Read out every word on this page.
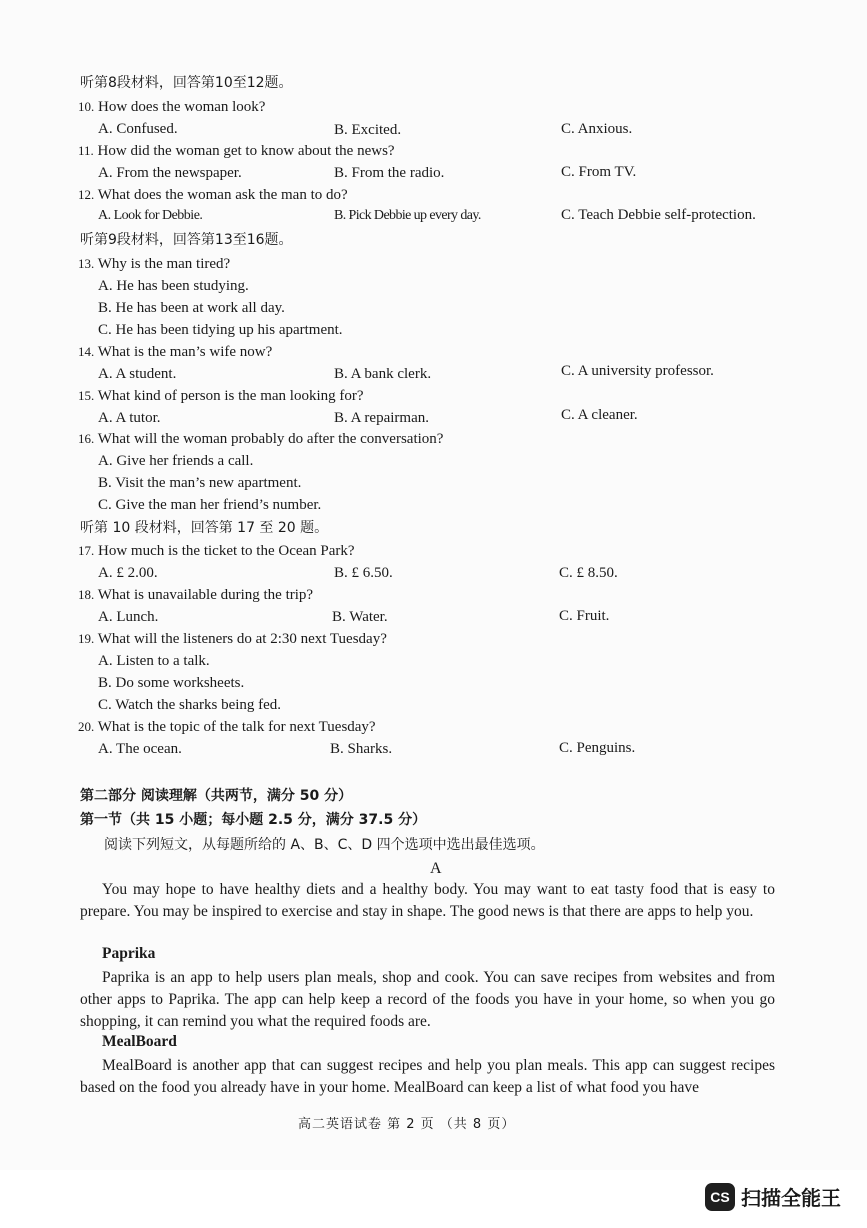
听第8段材料，回答第10至12题。
10. How does the woman look?
A. Confused.	B. Excited.	C. Anxious.
11. How did the woman get to know about the news?
A. From the newspaper.	B. From the radio.	C. From TV.
12. What does the woman ask the man to do?
A. Look for Debbie.	B. Pick Debbie up every day.	C. Teach Debbie self-protection.
听第9段材料，回答第13至16题。
13. Why is the man tired?
A. He has been studying.
B. He has been at work all day.
C. He has been tidying up his apartment.
14. What is the man’s wife now?
A. A student.	B. A bank clerk.	C. A university professor.
15. What kind of person is the man looking for?
A. A tutor.	B. A repairman.	C. A cleaner.
16. What will the woman probably do after the conversation?
A. Give her friends a call.
B. Visit the man’s new apartment.
C. Give the man her friend’s number.
听第 10 段材料，回答第 17 至 20 题。
17. How much is the ticket to the Ocean Park?
A. £ 2.00.	B. £ 6.50.	C. £ 8.50.
18. What is unavailable during the trip?
A. Lunch.	B. Water.	C. Fruit.
19. What will the listeners do at 2:30 next Tuesday?
A. Listen to a talk.
B. Do some worksheets.
C. Watch the sharks being fed.
20. What is the topic of the talk for next Tuesday?
A. The ocean.	B. Sharks.	C. Penguins.
第二部分 阅读理解（共两节，满分 50 分）
第一节（共 15 小题；每小题 2.5 分，满分 37.5 分）
阅读下列短文，从每题所给的 A、B、C、D 四个选项中选出最佳选项。
A
You may hope to have healthy diets and a healthy body. You may want to eat tasty food that is easy to prepare. You may be inspired to exercise and stay in shape. The good news is that there are apps to help you.
Paprika
Paprika is an app to help users plan meals, shop and cook. You can save recipes from websites and from other apps to Paprika. The app can help keep a record of the foods you have in your home, so when you go shopping, it can remind you what the required foods are.
MealBoard
MealBoard is another app that can suggest recipes and help you plan meals. This app can suggest recipes based on the food you already have in your home. MealBoard can keep a list of what food you have
高二英语试卷 第 2 页 （共 8 页）
CS 扫描全能王
